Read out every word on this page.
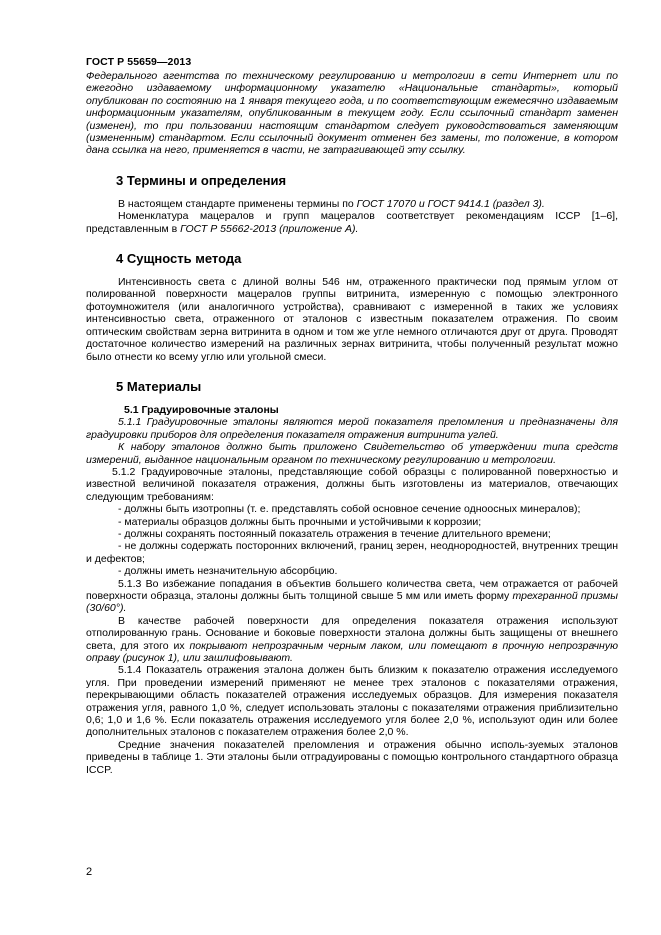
ГОСТ Р 55659—2013

Федерального агентства по техническому регулированию и метрологии в сети Интернет или по ежегодно издаваемому информационному указателю «Национальные стандарты», который опубликован по состоянию на 1 января текущего года, и по соответствующим ежемесячно издаваемым информационным указателям, опубликованным в текущем году. Если ссылочный стандарт заменен (изменен), то при пользовании настоящим стандартом следует руководствоваться заменяющим (измененным) стандартом. Если ссылочный документ отменен без замены, то положение, в котором дана ссылка на него, применяется в части, не затрагивающей эту ссылку.

3 Термины и определения

В настоящем стандарте применены термины по ГОСТ 17070 и ГОСТ 9414.1 (раздел 3).

Номенклатура мацералов и групп мацералов соответствует рекомендациям ICCP [1–6], представленным в ГОСТ Р 55662-2013 (приложение А).

4 Сущность метода

Интенсивность света с длиной волны 546 нм, отраженного практически под прямым углом от полированной поверхности мацералов группы витринита, измеренную с помощью электронного фотоумножителя (или аналогичного устройства), сравнивают с измеренной в таких же условиях интенсивностью света, отраженного от эталонов с известным показателем отражения. По своим оптическим свойствам зерна витринита в одном и том же угле немного отличаются друг от друга. Проводят достаточное количество измерений на различных зернах витринита, чтобы полученный результат можно было отнести ко всему углю или угольной смеси.

5 Материалы
5.1 Градуировочные эталоны

5.1.1 Градуировочные эталоны являются мерой показателя преломления и предназначены для градуировки приборов для определения показателя отражения витринита углей.

К набору эталонов должно быть приложено Свидетельство об утверждении типа средств измерений, выданное национальным органом по техническому регулированию и метрологии.

5.1.2 Градуировочные эталоны, представляющие собой образцы с полированной поверхностью и известной величиной показателя отражения, должны быть изготовлены из материалов, отвечающих следующим требованиям:

- должны быть изотропны (т. е. представлять собой основное сечение одноосных минералов);

- материалы образцов должны быть прочными и устойчивыми к коррозии;

- должны сохранять постоянный показатель отражения в течение длительного времени;

- не должны содержать посторонних включений, границ зерен, неоднородностей, внутренних трещин и дефектов;

- должны иметь незначительную абсорбцию.

5.1.3 Во избежание попадания в объектив большего количества света, чем отражается от рабочей поверхности образца, эталоны должны быть толщиной свыше 5 мм или иметь форму трехгранной призмы (30/60°).

В качестве рабочей поверхности для определения показателя отражения используют отполированную грань. Основание и боковые поверхности эталона должны быть защищены от внешнего света, для этого их покрывают непрозрачным черным лаком, или помещают в прочную непрозрачную оправу (рисунок 1), или зашлифовывают.

5.1.4 Показатель отражения эталона должен быть близким к показателю отражения исследуемого угля. При проведении измерений применяют не менее трех эталонов с показателями отражения, перекрывающими область показателей отражения исследуемых образцов. Для измерения показателя отражения угля, равного 1,0 %, следует использовать эталоны с показателями отражения приблизительно 0,6; 1,0 и 1,6 %. Если показатель отражения исследуемого угля более 2,0 %, используют один или более дополнительных эталонов с показателем отражения более 2,0 %.

Средние значения показателей преломления и отражения обычно исполь-зуемых эталонов приведены в таблице 1. Эти эталоны были отградуированы с помощью контрольного стандартного образца ICCP.

2
